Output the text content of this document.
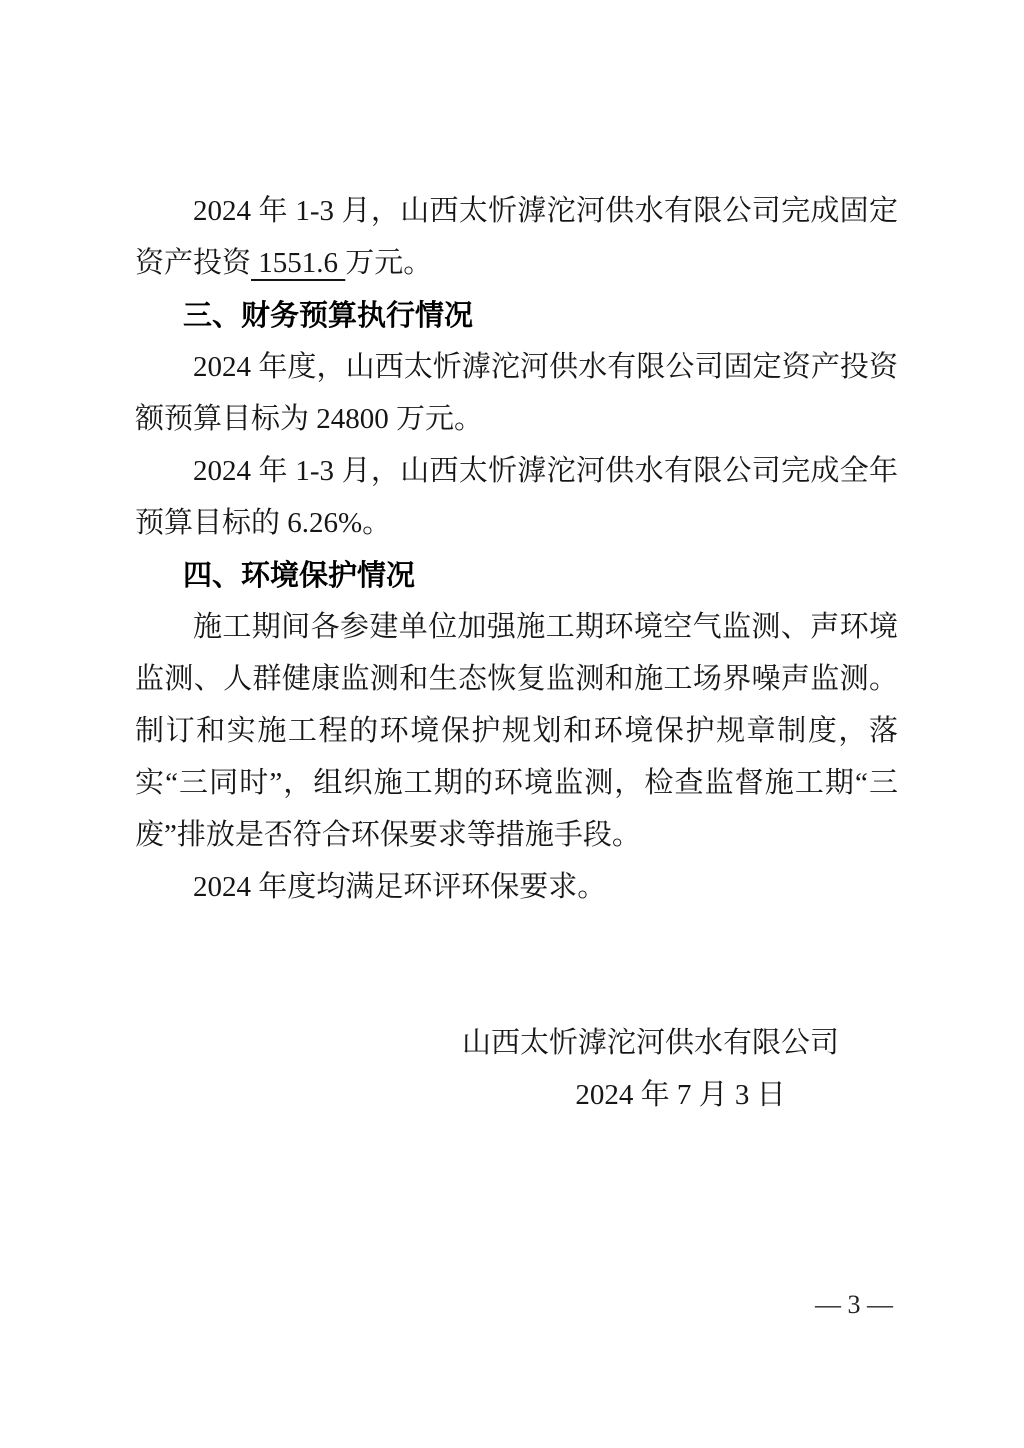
2024 年 1-3 月，山西太忻滹沱河供水有限公司完成固定资产投资 1551.6 万元。

三、财务预算执行情况

2024 年度，山西太忻滹沱河供水有限公司固定资产投资额预算目标为 24800 万元。

2024 年 1-3 月，山西太忻滹沱河供水有限公司完成全年预算目标的 6.26%。

四、环境保护情况

施工期间各参建单位加强施工期环境空气监测、声环境监测、人群健康监测和生态恢复监测和施工场界噪声监测。制订和实施工程的环境保护规划和环境保护规章制度，落实“三同时”，组织施工期的环境监测，检查监督施工期“三废”排放是否符合环保要求等措施手段。

2024 年度均满足环评环保要求。

山西太忻滹沱河供水有限公司
2024 年 7 月 3 日
— 3 —
